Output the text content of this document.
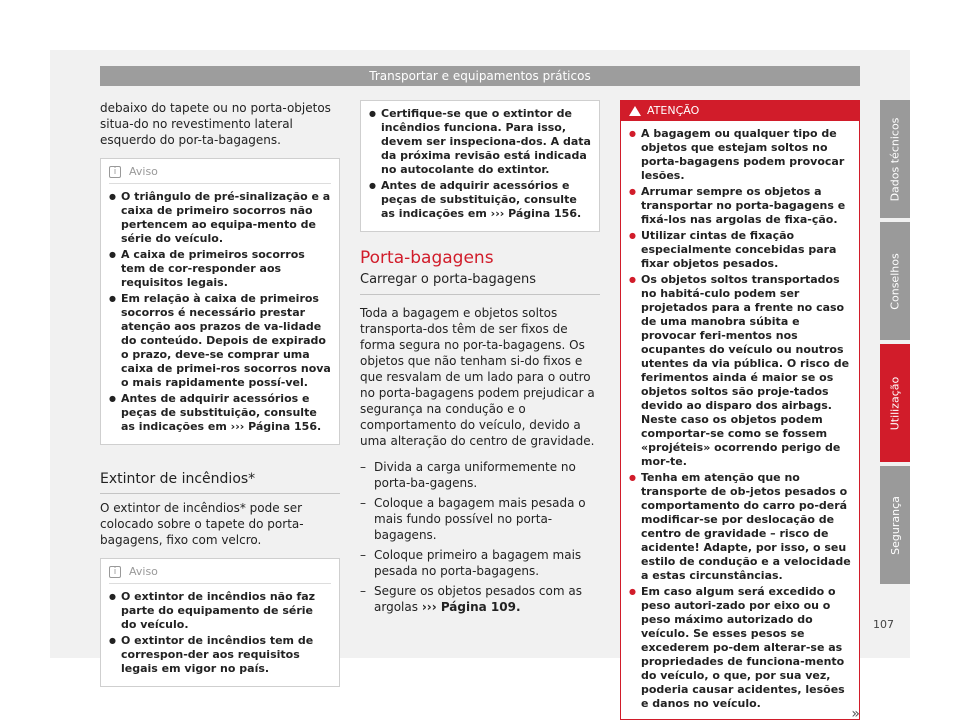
Transportar e equipamentos práticos

debaixo do tapete ou no porta-objetos situa-do no revestimento lateral esquerdo do por-ta-bagagens.

i	Aviso
● O triângulo de pré-sinalização e a caixa de primeiro socorros não pertencem ao equipa-mento de série do veículo.
● A caixa de primeiros socorros tem de cor-responder aos requisitos legais.
● Em relação à caixa de primeiros socorros é necessário prestar atenção aos prazos de va-lidade do conteúdo. Depois de expirado o prazo, deve-se comprar uma caixa de primei-ros socorros nova o mais rapidamente possí-vel.
● Antes de adquirir acessórios e peças de substituição, consulte as indicações em ››› Página 156.
Extintor de incêndios*

O extintor de incêndios* pode ser colocado sobre o tapete do porta-bagagens, fixo com velcro.

i	Aviso
● O extintor de incêndios não faz parte do equipamento de série do veículo.
● O extintor de incêndios tem de correspon-der aos requisitos legais em vigor no país.
● Certifique-se que o extintor de incêndios funciona. Para isso, devem ser inspeciona-dos. A data da próxima revisão está indicada no autocolante do extintor.
● Antes de adquirir acessórios e peças de substituição, consulte as indicações em ››› Página 156.
Porta-bagagens
Carregar o porta-bagagens

Toda a bagagem e objetos soltos transporta-dos têm de ser fixos de forma segura no por-ta-bagagens. Os objetos que não tenham si-do fixos e que resvalam de um lado para o outro no porta-bagagens podem prejudicar a segurança na condução e o comportamento do veículo, devido a uma alteração do centro de gravidade.

– Divida a carga uniformemente no porta-ba-gagens.
– Coloque a bagagem mais pesada o mais fundo possível no porta-bagagens.
– Coloque primeiro a bagagem mais pesada no porta-bagagens.
– Segure os objetos pesados com as argolas ››› Página 109.
ATENÇÃO
● A bagagem ou qualquer tipo de objetos que estejam soltos no porta-bagagens podem provocar lesões.
● Arrumar sempre os objetos a transportar no porta-bagagens e fixá-los nas argolas de fixa-ção.
● Utilizar cintas de fixação especialmente concebidas para fixar objetos pesados.
● Os objetos soltos transportados no habitá-culo podem ser projetados para a frente no caso de uma manobra súbita e provocar feri-mentos nos ocupantes do veículo ou noutros utentes da via pública. O risco de ferimentos ainda é maior se os objetos soltos são proje-tados devido ao disparo dos airbags. Neste caso os objetos podem comportar-se como se fossem «projéteis» ocorrendo perigo de mor-te.
● Tenha em atenção que no transporte de ob-jetos pesados o comportamento do carro po-derá modificar-se por deslocação de centro de gravidade – risco de acidente! Adapte, por isso, o seu estilo de condução e a velocidade a estas circunstâncias.
● Em caso algum será excedido o peso autori-zado por eixo ou o peso máximo autorizado do veículo. Se esses pesos se excederem po-dem alterar-se as propriedades de funciona-mento do veículo, o que, por sua vez, poderia causar acidentes, lesões e danos no veículo.
»
Dados técnicos
Conselhos
Utilização
Segurança
107
